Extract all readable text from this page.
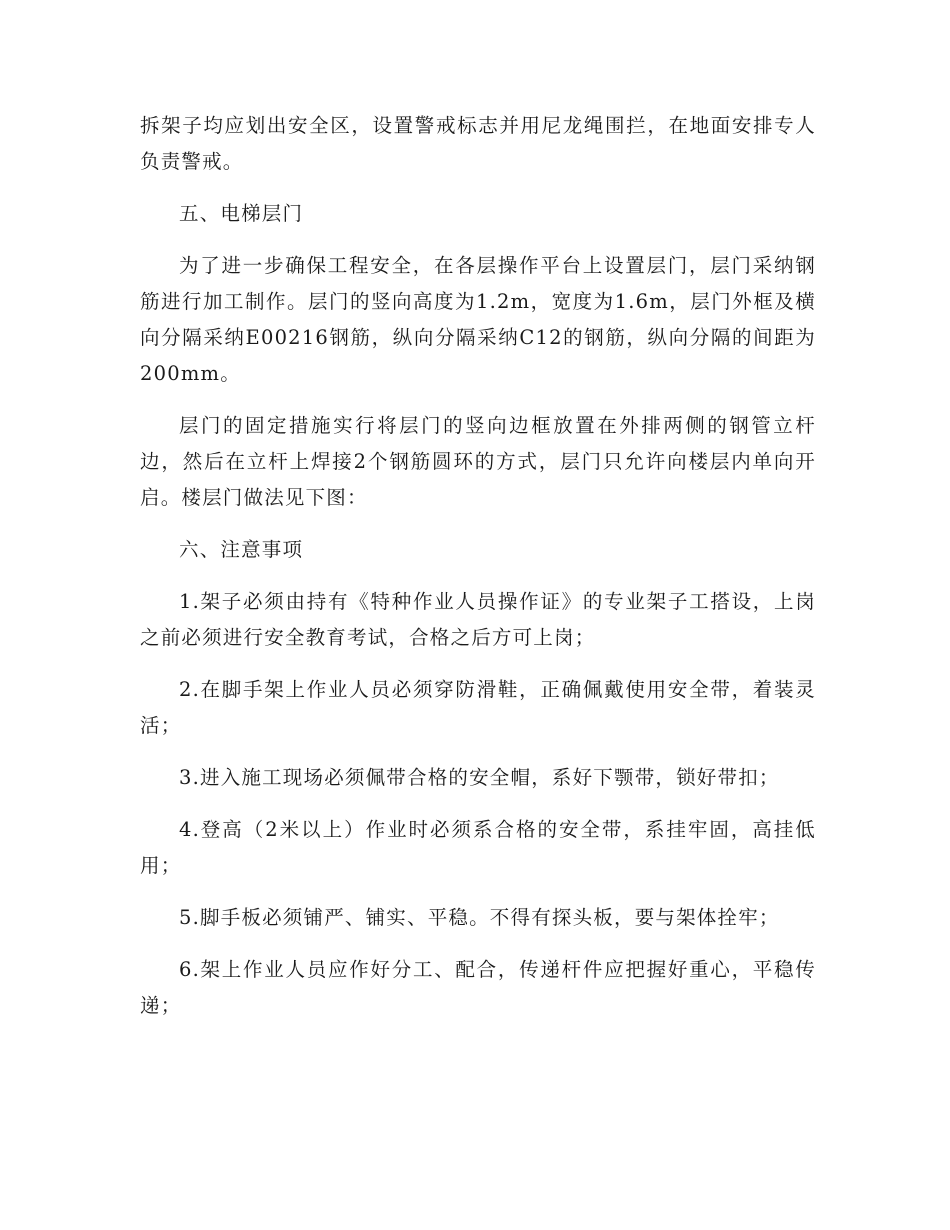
拆架子均应划出安全区，设置警戒标志并用尼龙绳围拦，在地面安排专人负责警戒。

五、电梯层门

为了进一步确保工程安全，在各层操作平台上设置层门，层门采纳钢筋进行加工制作。层门的竖向高度为1.2m，宽度为1.6m，层门外框及横向分隔采纳E00216钢筋，纵向分隔采纳C12的钢筋，纵向分隔的间距为200mm。

层门的固定措施实行将层门的竖向边框放置在外排两侧的钢管立杆边，然后在立杆上焊接2个钢筋圆环的方式，层门只允许向楼层内单向开启。楼层门做法见下图：

六、注意事项

1.架子必须由持有《特种作业人员操作证》的专业架子工搭设，上岗之前必须进行安全教育考试，合格之后方可上岗；

2.在脚手架上作业人员必须穿防滑鞋，正确佩戴使用安全带，着装灵活；

3.进入施工现场必须佩带合格的安全帽，系好下颚带，锁好带扣；

4.登高（2米以上）作业时必须系合格的安全带，系挂牢固，高挂低用；

5.脚手板必须铺严、铺实、平稳。不得有探头板，要与架体拴牢；

6.架上作业人员应作好分工、配合，传递杆件应把握好重心，平稳传递；
